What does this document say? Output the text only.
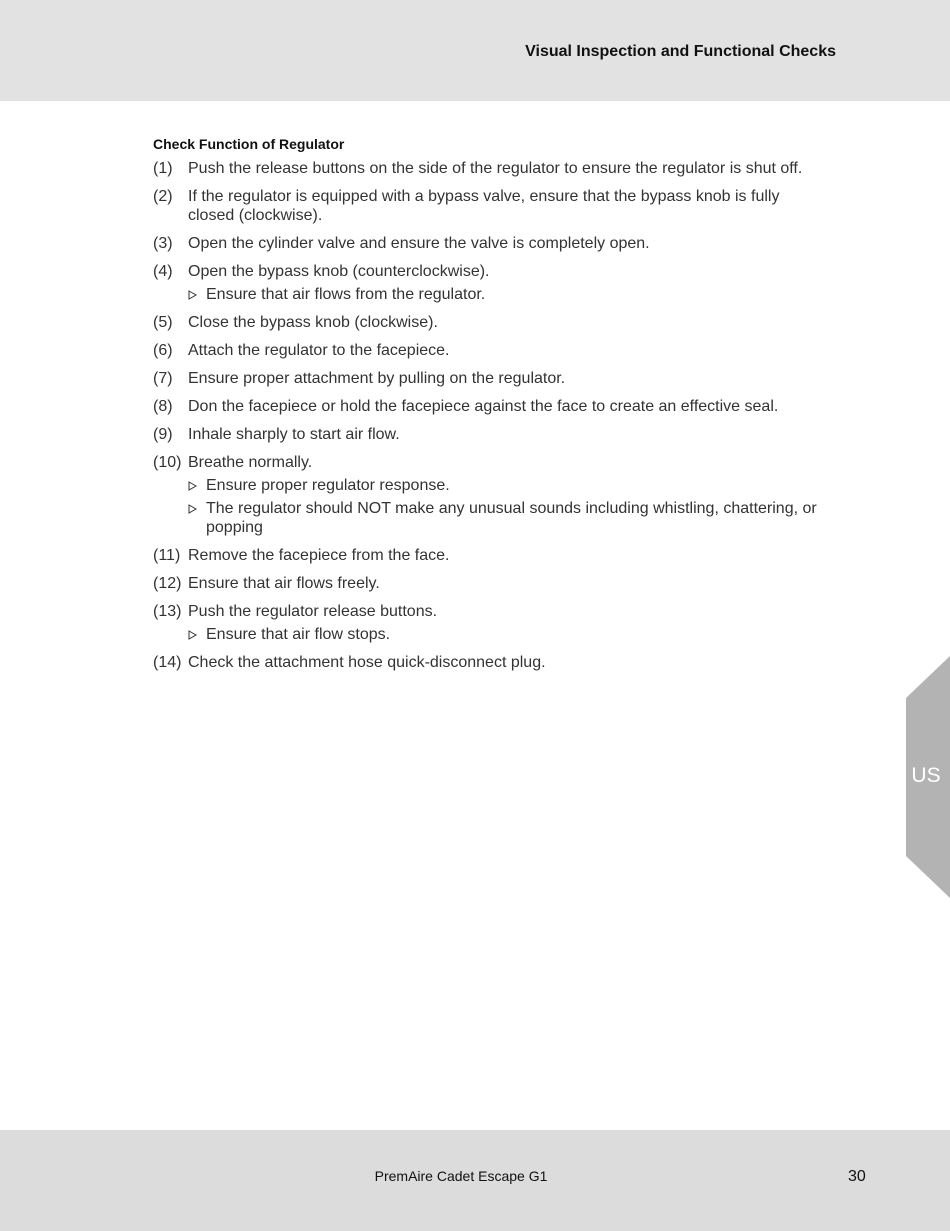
Visual Inspection and Functional Checks
Check Function of Regulator
(1) Push the release buttons on the side of the regulator to ensure the regulator is shut off.
(2) If the regulator is equipped with a bypass valve, ensure that the bypass knob is fully closed (clockwise).
(3) Open the cylinder valve and ensure the valve is completely open.
(4) Open the bypass knob (counterclockwise).
Ensure that air flows from the regulator.
(5) Close the bypass knob (clockwise).
(6) Attach the regulator to the facepiece.
(7) Ensure proper attachment by pulling on the regulator.
(8) Don the facepiece or hold the facepiece against the face to create an effective seal.
(9) Inhale sharply to start air flow.
(10) Breathe normally.
Ensure proper regulator response.
The regulator should NOT make any unusual sounds including whistling, chattering, or popping
(11) Remove the facepiece from the face.
(12) Ensure that air flows freely.
(13) Push the regulator release buttons.
Ensure that air flow stops.
(14) Check the attachment hose quick-disconnect plug.
US
PremAire Cadet Escape G1	30
